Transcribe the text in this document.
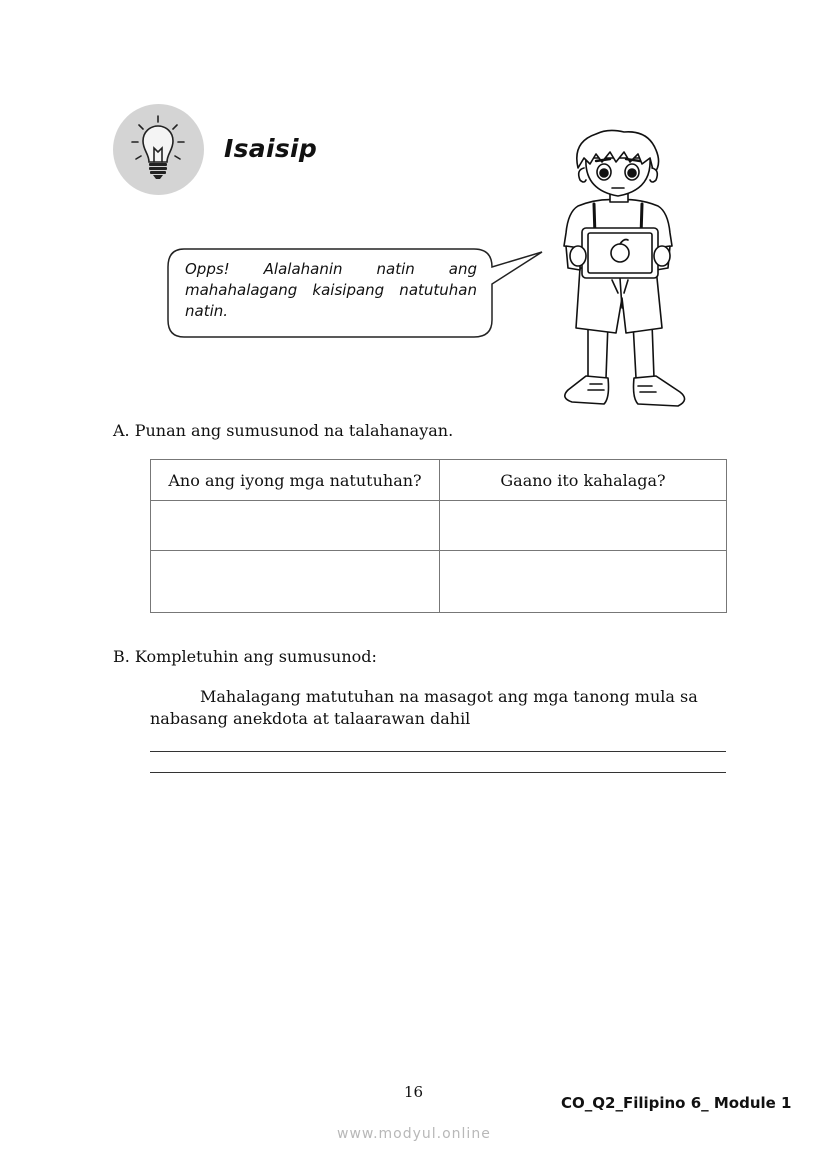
Isaisip
Opps! Alalahanin natin ang mahahalagang kaisipang natutuhan natin.
A. Punan ang sumusunod na talahanayan.
Ano ang iyong mga natutuhan?	Gaano ito kahalaga?

B. Kompletuhin ang sumusunod:
Mahalagang matutuhan na masagot ang mga tanong mula sa nabasang anekdota at talaarawan dahil
16
CO_Q2_Filipino 6_ Module 1
www.modyul.online
